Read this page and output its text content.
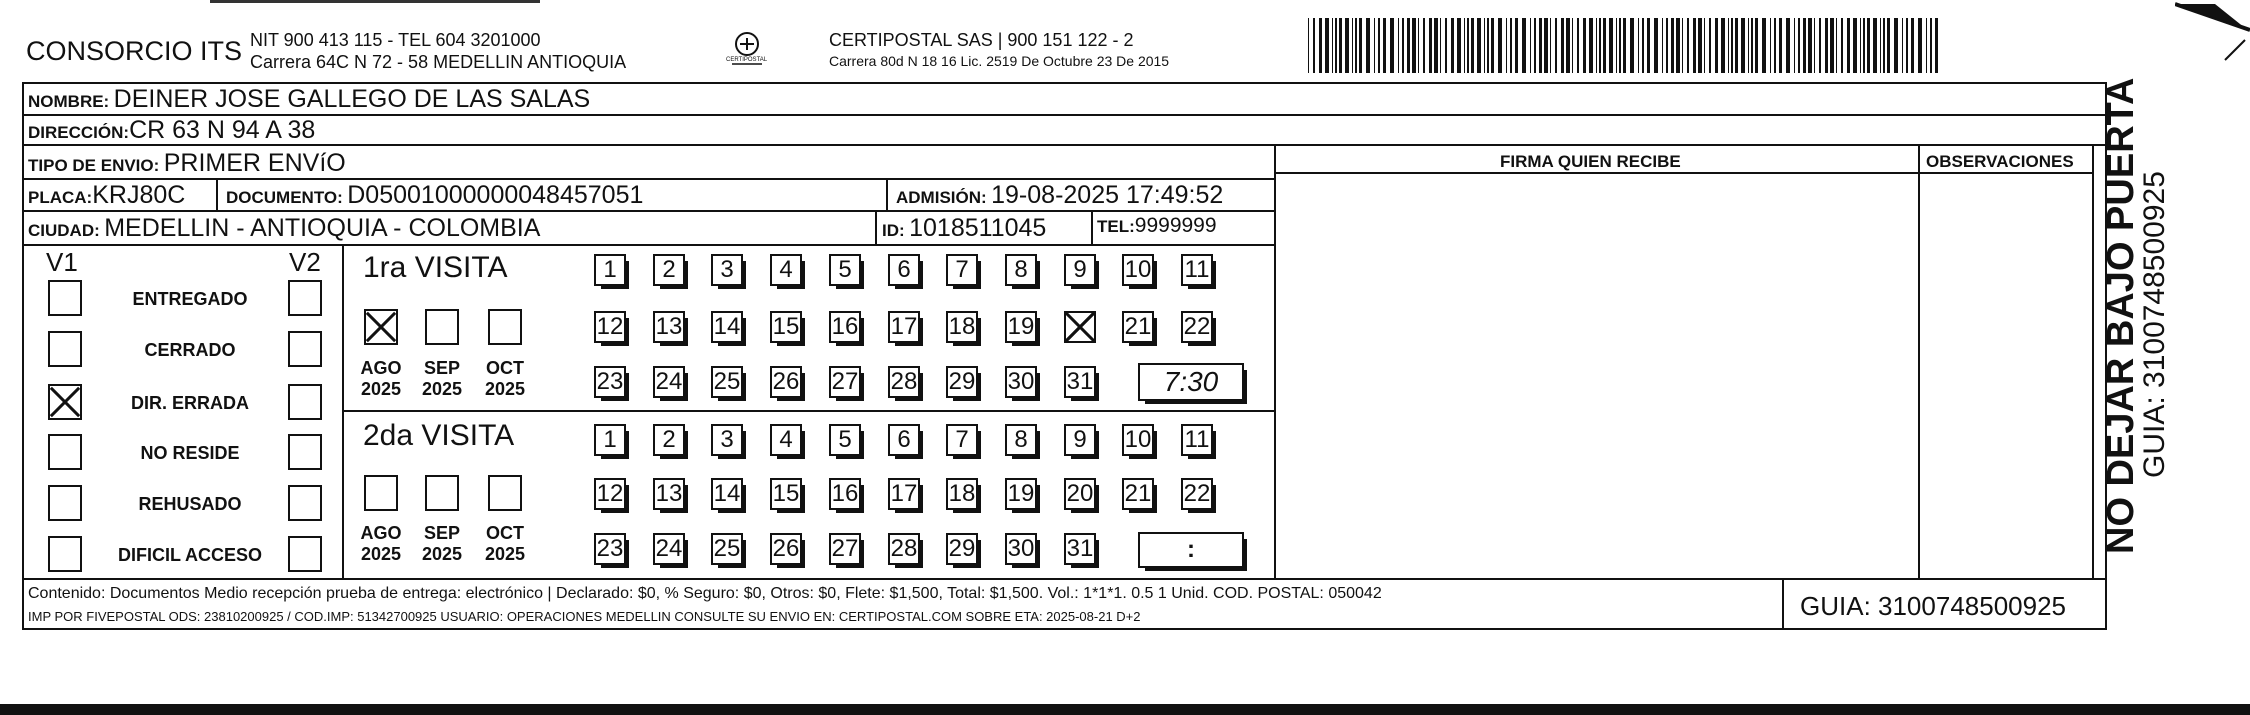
CONSORCIO ITS NIT 900 413 115 - TEL 604 3201000
Carrera 64C N 72 - 58 MEDELLIN ANTIOQUIA	CERTIPOSTAL
CERTIPOSTAL SAS | 900 151 122 - 2
Carrera 80d N 18 16 Lic. 2519 De Octubre 23 De 2015
NOMBRE: DEINER JOSE GALLEGO DE LAS SALAS
DIRECCIÓN:CR 63 N 94 A 38
TIPO DE ENVIO: PRIMER ENVíO
PLACA:KRJ80C DOCUMENTO: D05001000000048457051	ADMISIÓN: 19-08-2025 17:49:52
CIUDAD: MEDELLIN - ANTIOQUIA - COLOMBIA	ID: 1018511045	TEL:9999999
FIRMA QUIEN RECIBE	OBSERVACIONES
V1	V2
ENTREGADO
CERRADO
DIR. ERRADA
NO RESIDE
REHUSADO
DIFICIL ACCESO
1ra VISITA
2da VISITA
AGO
2025
SEP
2025
OCT
2025
AGO
2025
SEP
2025
OCT
2025
1 2 3 4 5 6 7 8 9 10 11
12 13 14 15 16 17 18 19	21 22
23 24 25 26 27 28 29 30 31
1 2 3 4 5 6 7 8 9 10 11
12 13 14 15 16 17 18 19 20 21 22
23 24 25 26 27 28 29 30 31
7:30
:
Contenido: Documentos Medio recepción prueba de entrega: electrónico | Declarado: $0, % Seguro: $0, Otros: $0, Flete: $1,500, Total: $1,500. Vol.: 1*1*1. 0.5 1 Unid. COD. POSTAL: 050042
IMP POR FIVEPOSTAL ODS: 23810200925 / COD.IMP: 51342700925 USUARIO: OPERACIONES MEDELLIN CONSULTE SU ENVIO EN: CERTIPOSTAL.COM SOBRE ETA: 2025-08-21 D+2	GUIA: 3100748500925
NO DEJAR BAJO PUERTA
GUIA: 3100748500925
